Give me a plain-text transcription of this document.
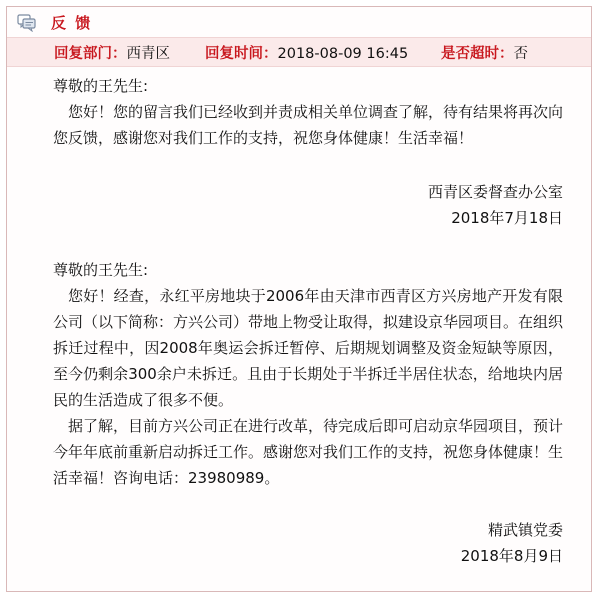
反 馈
回复部门：西青区 回复时间：2018-08-09 16:45 是否超时：否

尊敬的王先生:

您好！您的留言我们已经收到并责成相关单位调查了解，待有结果将再次向您反馈，感谢您对我们工作的支持，祝您身体健康！生活幸福！

西青区委督查办公室

2018年7月18日

尊敬的王先生:

您好！经查，永红平房地块于2006年由天津市西青区方兴房地产开发有限公司（以下简称：方兴公司）带地上物受让取得，拟建设京华园项目。在组织拆迁过程中，因2008年奥运会拆迁暂停、后期规划调整及资金短缺等原因，至今仍剩余300余户未拆迁。且由于长期处于半拆迁半居住状态，给地块内居民的生活造成了很多不便。

据了解，目前方兴公司正在进行改革，待完成后即可启动京华园项目，预计今年年底前重新启动拆迁工作。感谢您对我们工作的支持，祝您身体健康！生活幸福！咨询电话：23980989。

精武镇党委

2018年8月9日
